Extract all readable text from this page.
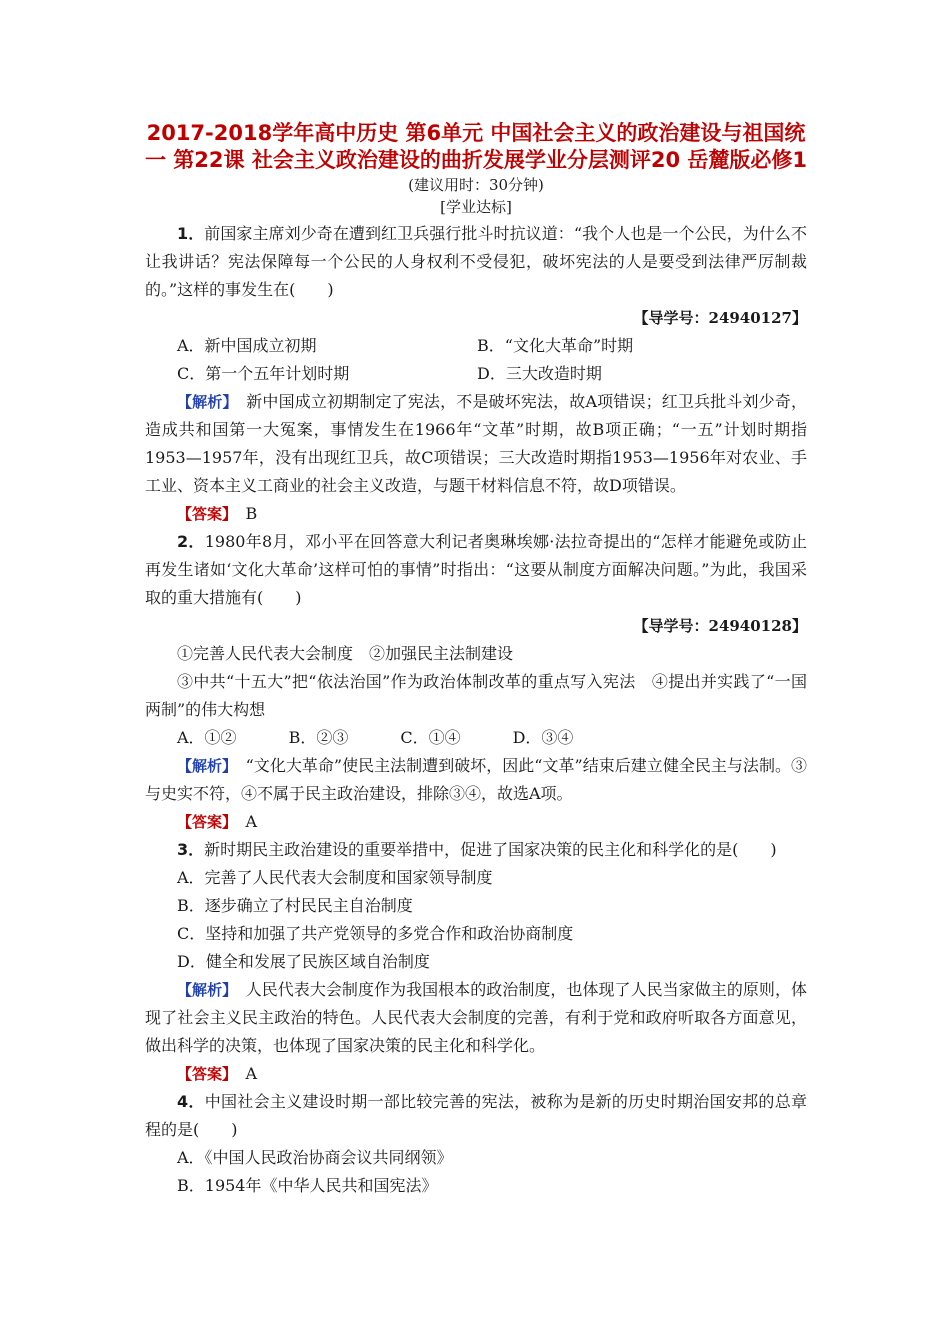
2017-2018学年高中历史 第6单元 中国社会主义的政治建设与祖国统一 第22课 社会主义政治建设的曲折发展学业分层测评20 岳麓版必修1
(建议用时：30分钟)
[学业达标]

1．前国家主席刘少奇在遭到红卫兵强行批斗时抗议道：“我个人也是一个公民，为什么不让我讲话？宪法保障每一个公民的人身权利不受侵犯，破坏宪法的人是要受到法律严厉制裁的。”这样的事发生在(　　)

【导学号：24940127】

A．新中国成立初期	B．“文化大革命”时期
C．第一个五年计划时期	D．三大改造时期

【解析】　新中国成立初期制定了宪法，不是破坏宪法，故A项错误；红卫兵批斗刘少奇，造成共和国第一大冤案，事情发生在1966年“文革”时期，故B项正确；“一五”计划时期指1953—1957年，没有出现红卫兵，故C项错误；三大改造时期指1953—1956年对农业、手工业、资本主义工商业的社会主义改造，与题干材料信息不符，故D项错误。

【答案】　B

2．1980年8月，邓小平在回答意大利记者奥琳埃娜·法拉奇提出的“怎样才能避免或防止再发生诸如‘文化大革命’这样可怕的事情”时指出：“这要从制度方面解决问题。”为此，我国采取的重大措施有(　　)

【导学号：24940128】

①完善人民代表大会制度　②加强民主法制建设

③中共“十五大”把“依法治国”作为政治体制改革的重点写入宪法　④提出并实践了“一国两制”的伟大构想

A．①②	B．②③	C．①④	D．③④

【解析】　“文化大革命”使民主法制遭到破坏，因此“文革”结束后建立健全民主与法制。③与史实不符，④不属于民主政治建设，排除③④，故选A项。

【答案】　A

3．新时期民主政治建设的重要举措中，促进了国家决策的民主化和科学化的是(　　)

A．完善了人民代表大会制度和国家领导制度

B．逐步确立了村民民主自治制度

C．坚持和加强了共产党领导的多党合作和政治协商制度

D．健全和发展了民族区域自治制度

【解析】　人民代表大会制度作为我国根本的政治制度，也体现了人民当家做主的原则，体现了社会主义民主政治的特色。人民代表大会制度的完善，有利于党和政府听取各方面意见，做出科学的决策，也体现了国家决策的民主化和科学化。

【答案】　A

4．中国社会主义建设时期一部比较完善的宪法，被称为是新的历史时期治国安邦的总章程的是(　　)

A．《中国人民政治协商会议共同纲领》

B．1954年《中华人民共和国宪法》
